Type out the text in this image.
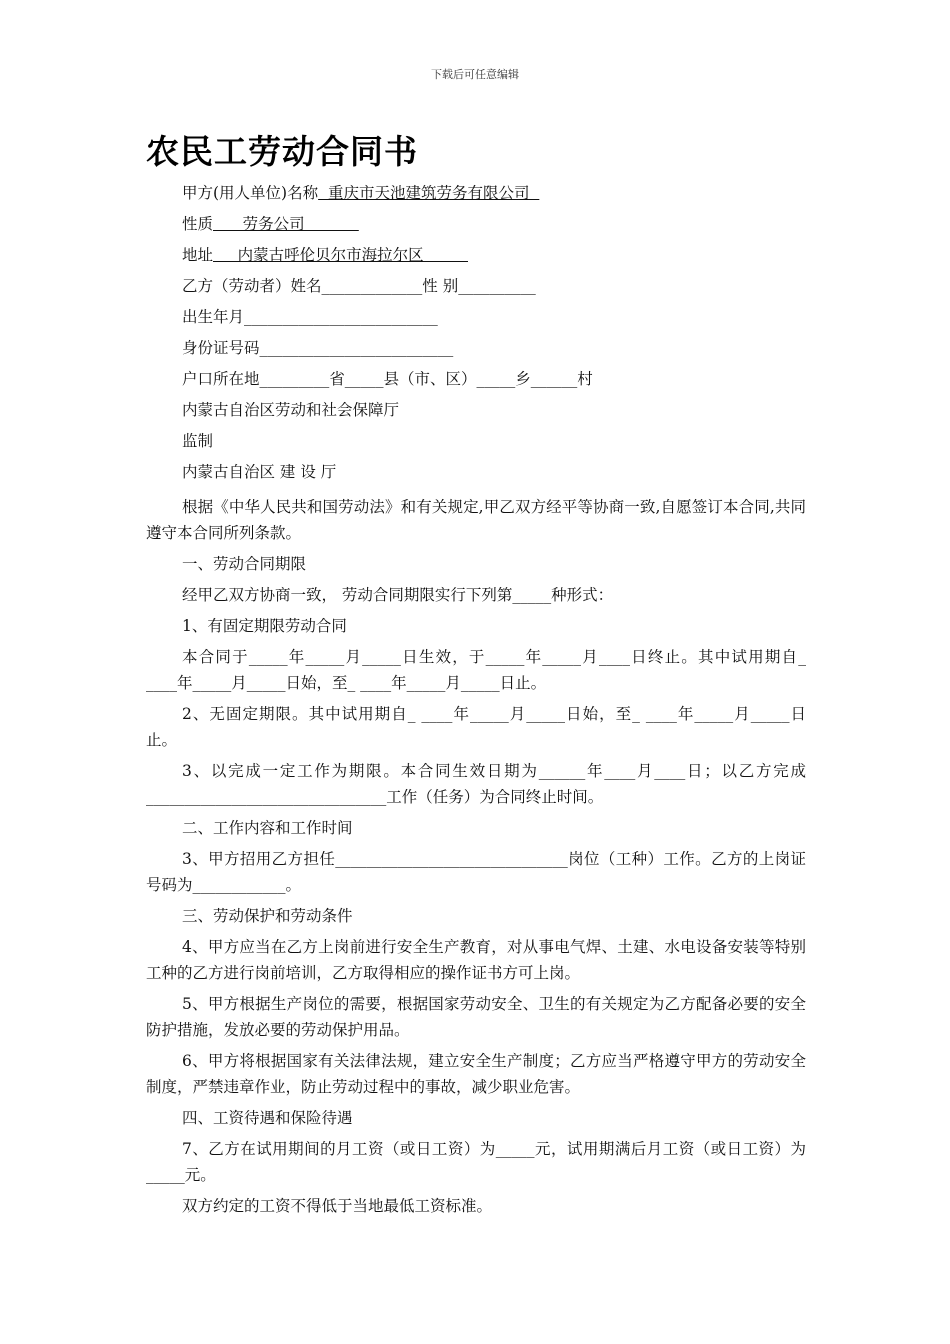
下载后可任意编辑
农民工劳动合同书
甲方(用人单位)名称  重庆市天池建筑劳务有限公司
性质      劳务公司
地址     内蒙古呼伦贝尔市海拉尔区
乙方（劳动者）姓名_____________性 别__________
出生年月_________________________
身份证号码_________________________
户口所在地_________省_____县（市、区）_____乡______村
内蒙古自治区劳动和社会保障厅
监制
内蒙古自治区 建 设 厅

根据《中华人民共和国劳动法》和有关规定,甲乙双方经平等协商一致,自愿签订本合同,共同遵守本合同所列条款。

一、劳动合同期限

经甲乙双方协商一致， 劳动合同期限实行下列第_____种形式：

1、有固定期限劳动合同

本合同于_____年_____月_____日生效，于_____年_____月____日终止。其中试用期自_ ____年_____月_____日始，至_ ____年_____月_____日止。

2、无固定期限。其中试用期自_ ____年_____月_____日始，至_ ____年_____月_____日止。

3、以完成一定工作为期限。本合同生效日期为______年____月____日；以乙方完成_______________________________工作（任务）为合同终止时间。

二、工作内容和工作时间

3、甲方招用乙方担任______________________________岗位（工种）工作。乙方的上岗证号码为____________。

三、劳动保护和劳动条件

4、甲方应当在乙方上岗前进行安全生产教育，对从事电气焊、土建、水电设备安装等特别工种的乙方进行岗前培训，乙方取得相应的操作证书方可上岗。

5、甲方根据生产岗位的需要，根据国家劳动安全、卫生的有关规定为乙方配备必要的安全防护措施，发放必要的劳动保护用品。

6、甲方将根据国家有关法律法规，建立安全生产制度；乙方应当严格遵守甲方的劳动安全制度，严禁违章作业，防止劳动过程中的事故，减少职业危害。

四、工资待遇和保险待遇

7、乙方在试用期间的月工资（或日工资）为_____元，试用期满后月工资（或日工资）为_____元。

双方约定的工资不得低于当地最低工资标准。
